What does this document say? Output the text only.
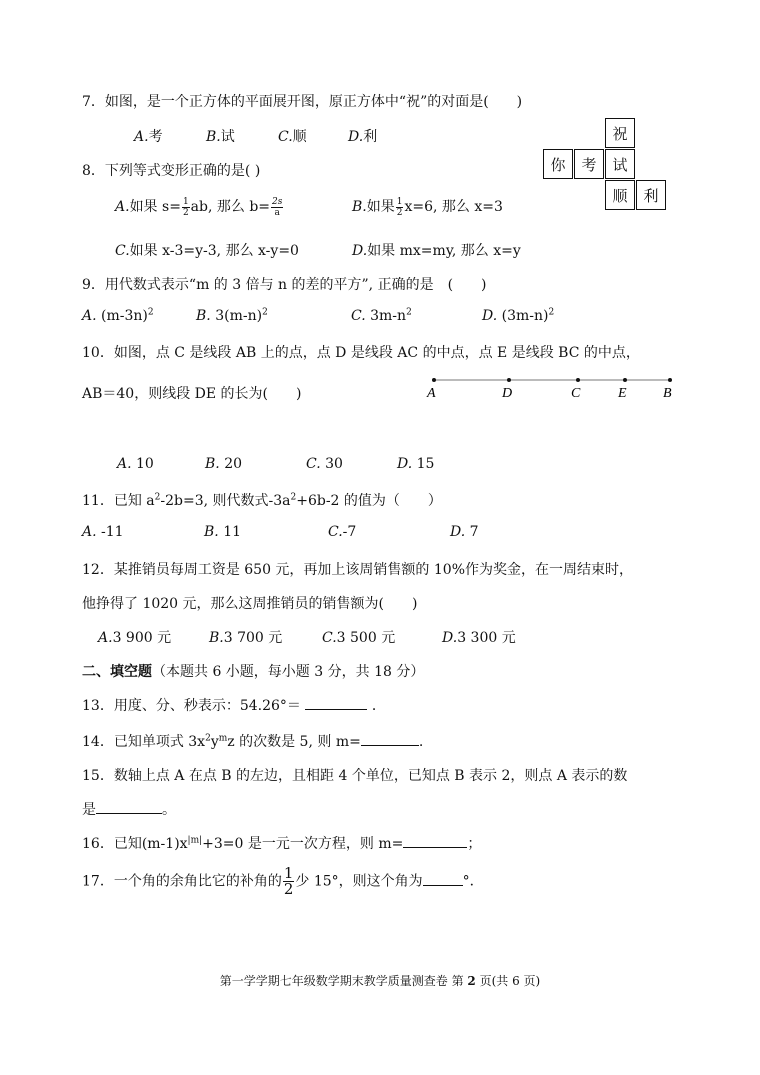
7．如图，是一个正方体的平面展开图，原正方体中“祝”的对面是(　　)
A.考	B.试	C.顺	D.利	祝
你	考	试
顺	利
8．下列等式变形正确的是( )
A.如果 $s= \frac{1}{2}$ ab, 那么 $b= \frac{2s}{a}$	B.如果 $\frac{1}{2} x=6$, 那么 x=3
C.如果 x-3=y-3, 那么 x-y=0	D.如果 mx=my, 那么 x=y
9．用代数式表示“m 的 3 倍与 n 的差的平方”, 正确的是　(　　)
A. $(m-3n)^2$	B. $3(m-n)^2$	C. $3m-n^2$	D. $(3m-n)^2$
10．如图，点 C 是线段 AB 上的点，点 D 是线段 AC 的中点，点 E 是线段 BC 的中点，
AB＝40，则线段 DE 的长为(　　)	A	D	C	E	B
A. 10	B. 20	C. 30	D. 15
11．已知 $a^2-2b=3$, 则代数式$-3a^2+6b-2$ 的值为（　　）
A. -11	B. 11	C.-7	D. 7
12．某推销员每周工资是 650 元，再加上该周销售额的 10%作为奖金，在一周结束时，
他挣得了 1020 元，那么这周推销员的销售额为(　　)
A.3 900 元	B.3 700 元	C.3 500 元	D.3 300 元
二、填空题（本题共 6 小题，每小题 3 分，共 18 分）
13．用度、分、秒表示：54.26°＝	．
14．已知单项式 $3x^2y^mz$ 的次数是 5, 则 m=	.
15．数轴上点 A 在点 B 的左边，且相距 4 个单位，已知点 B 表示 2，则点 A 表示的数
是	。
16．已知$(m-1)x^{|m|}+3=0$ 是一元一次方程，则 m=	；
17．一个角的余角比它的补角的 $\frac{1}{2}$ 少 15°，则这个角为	°．
第一学学期七年级数学期末教学质量测查卷 第 2 页(共 6 页)
